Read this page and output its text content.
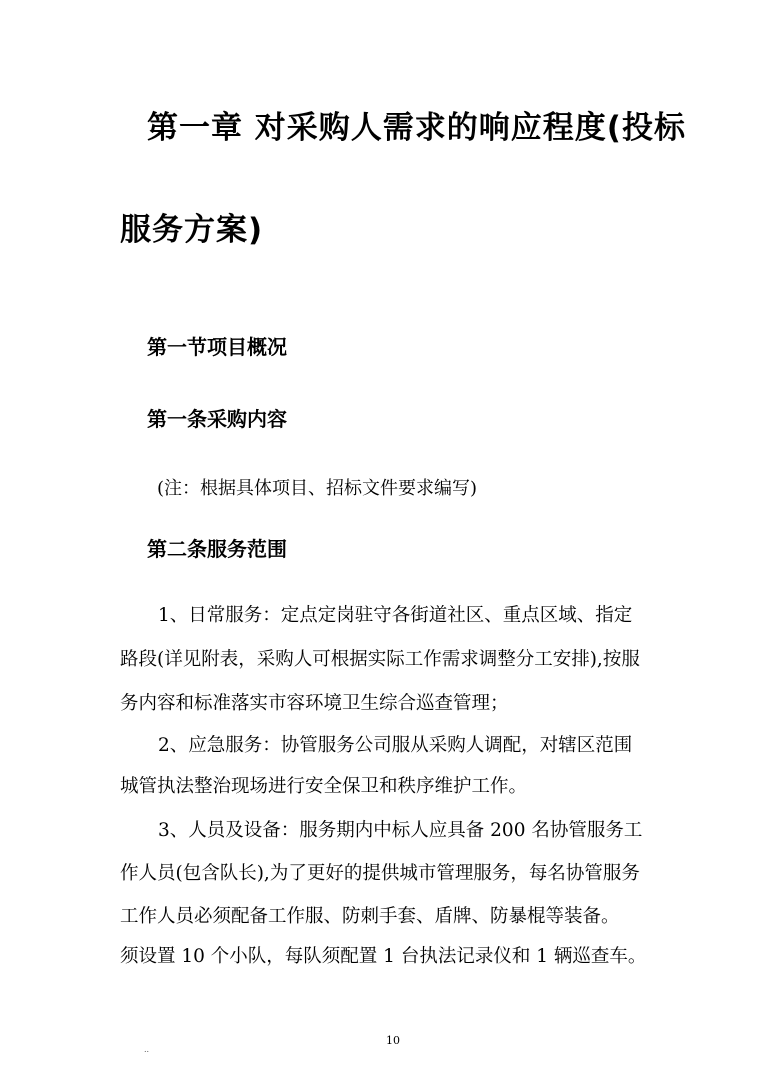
第一章 对采购人需求的响应程度(投标
服务方案)
第一节项目概况
第一条采购内容
(注：根据具体项目、招标文件要求编写)
第二条服务范围
1、日常服务：定点定岗驻守各街道社区、重点区域、指定
路段(详见附表，采购人可根据实际工作需求调整分工安排),按服
务内容和标准落实市容环境卫生综合巡查管理；
2、应急服务：协管服务公司服从采购人调配，对辖区范围
城管执法整治现场进行安全保卫和秩序维护工作。
3、人员及设备：服务期内中标人应具备 200 名协管服务工
作人员(包含队长),为了更好的提供城市管理服务，每名协管服务
工作人员必须配备工作服、防刺手套、盾牌、防暴棍等装备。
须设置 10 个小队，每队须配置 1 台执法记录仪和 1 辆巡查车。
10
..
